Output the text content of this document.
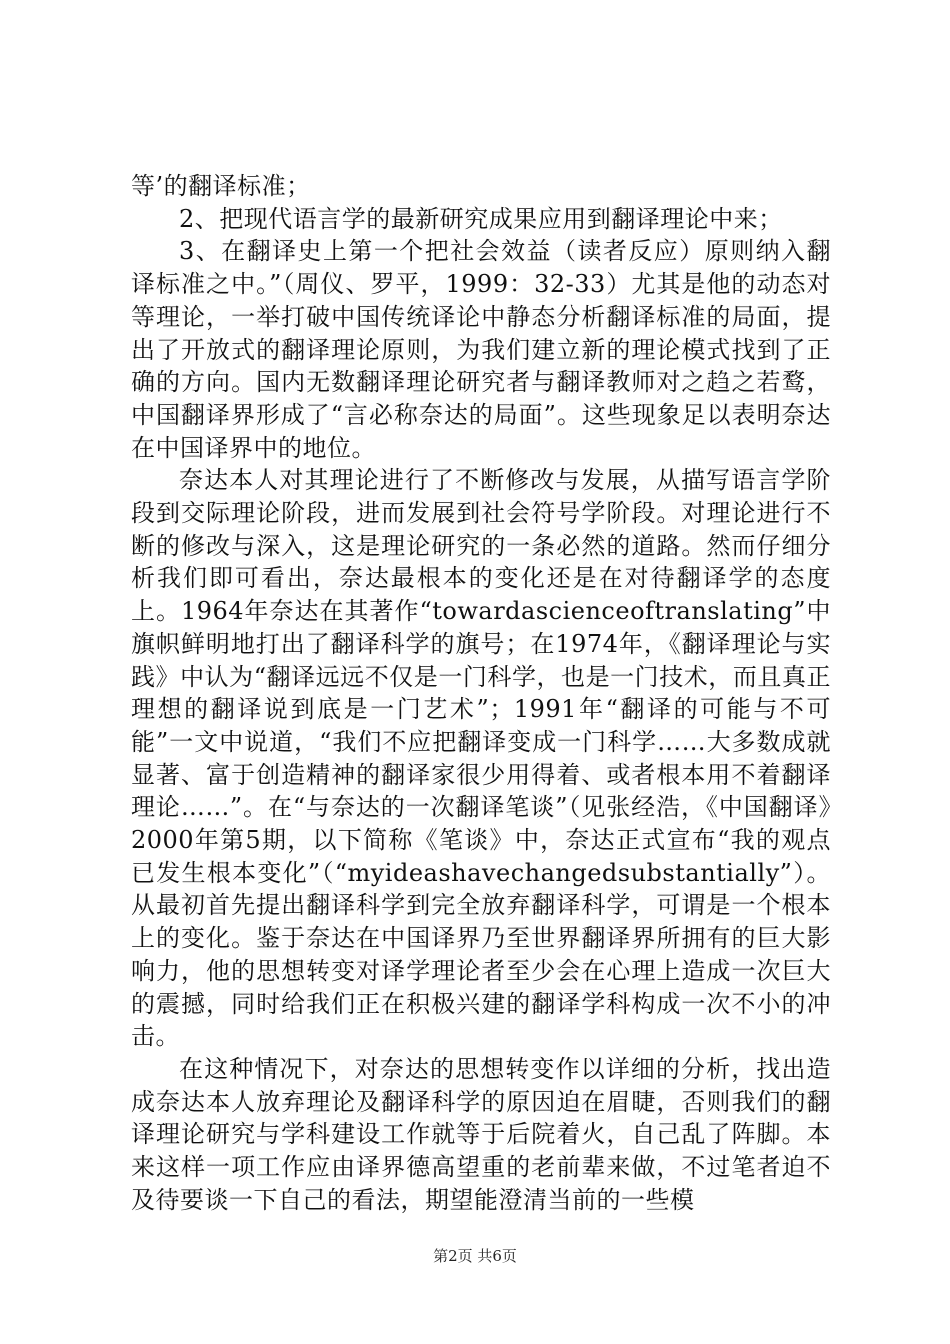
等’的翻译标准；

2、把现代语言学的最新研究成果应用到翻译理论中来；

3、在翻译史上第一个把社会效益（读者反应）原则纳入翻译标准之中。”（周仪、罗平，1999：32-33）尤其是他的动态对等理论，一举打破中国传统译论中静态分析翻译标准的局面，提出了开放式的翻译理论原则，为我们建立新的理论模式找到了正确的方向。国内无数翻译理论研究者与翻译教师对之趋之若鹜，中国翻译界形成了“言必称奈达的局面”。这些现象足以表明奈达在中国译界中的地位。

奈达本人对其理论进行了不断修改与发展，从描写语言学阶段到交际理论阶段，进而发展到社会符号学阶段。对理论进行不断的修改与深入，这是理论研究的一条必然的道路。然而仔细分析我们即可看出，奈达最根本的变化还是在对待翻译学的态度上。1964年奈达在其著作“towardascienceoftranslating”中旗帜鲜明地打出了翻译科学的旗号；在1974年，《翻译理论与实践》中认为“翻译远远不仅是一门科学，也是一门技术，而且真正理想的翻译说到底是一门艺术”；1991年“翻译的可能与不可能”一文中说道，“我们不应把翻译变成一门科学……大多数成就显著、富于创造精神的翻译家很少用得着、或者根本用不着翻译理论……”。在“与奈达的一次翻译笔谈”（见张经浩，《中国翻译》2000年第5期，以下简称《笔谈》中，奈达正式宣布“我的观点已发生根本变化”（“myideashavechangedsubstantially”）。从最初首先提出翻译科学到完全放弃翻译科学，可谓是一个根本上的变化。鉴于奈达在中国译界乃至世界翻译界所拥有的巨大影响力，他的思想转变对译学理论者至少会在心理上造成一次巨大的震撼，同时给我们正在积极兴建的翻译学科构成一次不小的冲击。

在这种情况下，对奈达的思想转变作以详细的分析，找出造成奈达本人放弃理论及翻译科学的原因迫在眉睫，否则我们的翻译理论研究与学科建设工作就等于后院着火，自己乱了阵脚。本来这样一项工作应由译界德高望重的老前辈来做，不过笔者迫不及待要谈一下自己的看法，期望能澄清当前的一些模

第2页 共6页
